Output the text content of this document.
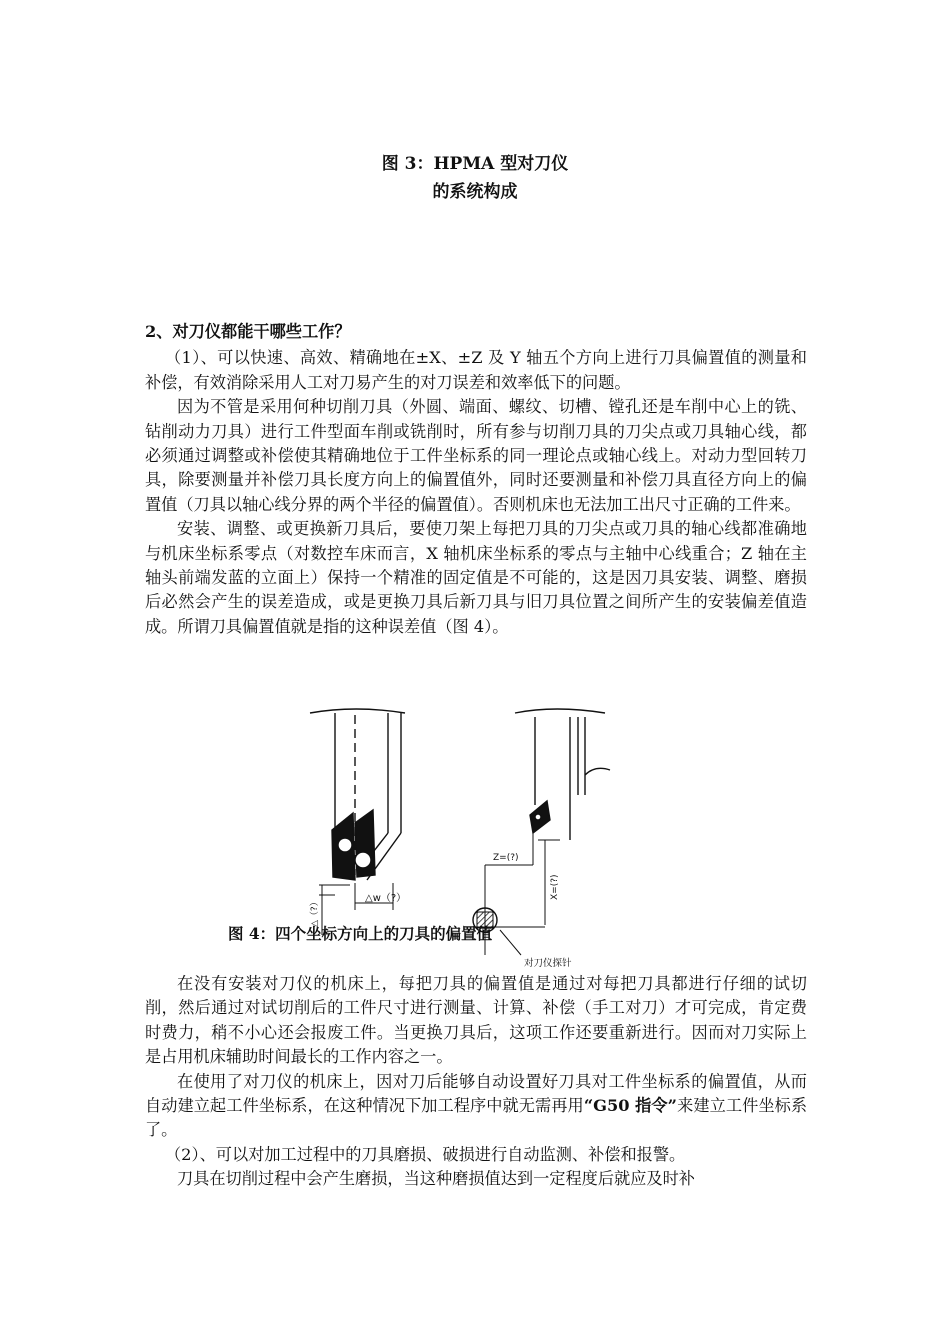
图 3：HPMA 型对刀仪
的系统构成

2、对刀仪都能干哪些工作？

（1）、可以快速、高效、精确地在±X、±Z 及 Y 轴五个方向上进行刀具偏置值的测量和补偿，有效消除采用人工对刀易产生的对刀误差和效率低下的问题。

因为不管是采用何种切削刀具（外圆、端面、螺纹、切槽、镗孔还是车削中心上的铣、钻削动力刀具）进行工件型面车削或铣削时，所有参与切削刀具的刀尖点或刀具轴心线，都必须通过调整或补偿使其精确地位于工件坐标系的同一理论点或轴心线上。对动力型回转刀具，除要测量并补偿刀具长度方向上的偏置值外，同时还要测量和补偿刀具直径方向上的偏置值（刀具以轴心线分界的两个半径的偏置值）。否则机床也无法加工出尺寸正确的工件来。

安装、调整、或更换新刀具后，要使刀架上每把刀具的刀尖点或刀具的轴心线都准确地与机床坐标系零点（对数控车床而言，X 轴机床坐标系的零点与主轴中心线重合；Z 轴在主轴头前端发蓝的立面上）保持一个精准的固定值是不可能的，这是因刀具安装、调整、磨损后必然会产生的误差造成，或是更换刀具后新刀具与旧刀具位置之间所产生的安装偏差值造成。所谓刀具偏置值就是指的这种误差值（图 4）。

△w（?）
△（?）
Z=(?)
X=(?)
图 4：四个坐标方向上的刀具的偏置值
对刀仪探针

在没有安装对刀仪的机床上，每把刀具的偏置值是通过对每把刀具都进行仔细的试切削，然后通过对试切削后的工件尺寸进行测量、计算、补偿（手工对刀）才可完成，肯定费时费力，稍不小心还会报废工件。当更换刀具后，这项工作还要重新进行。因而对刀实际上是占用机床辅助时间最长的工作内容之一。

在使用了对刀仪的机床上，因对刀后能够自动设置好刀具对工件坐标系的偏置值，从而自动建立起工件坐标系，在这种情况下加工程序中就无需再用“G50 指令”来建立工件坐标系了。

（2）、可以对加工过程中的刀具磨损、破损进行自动监测、补偿和报警。

刀具在切削过程中会产生磨损，当这种磨损值达到一定程度后就应及时补
